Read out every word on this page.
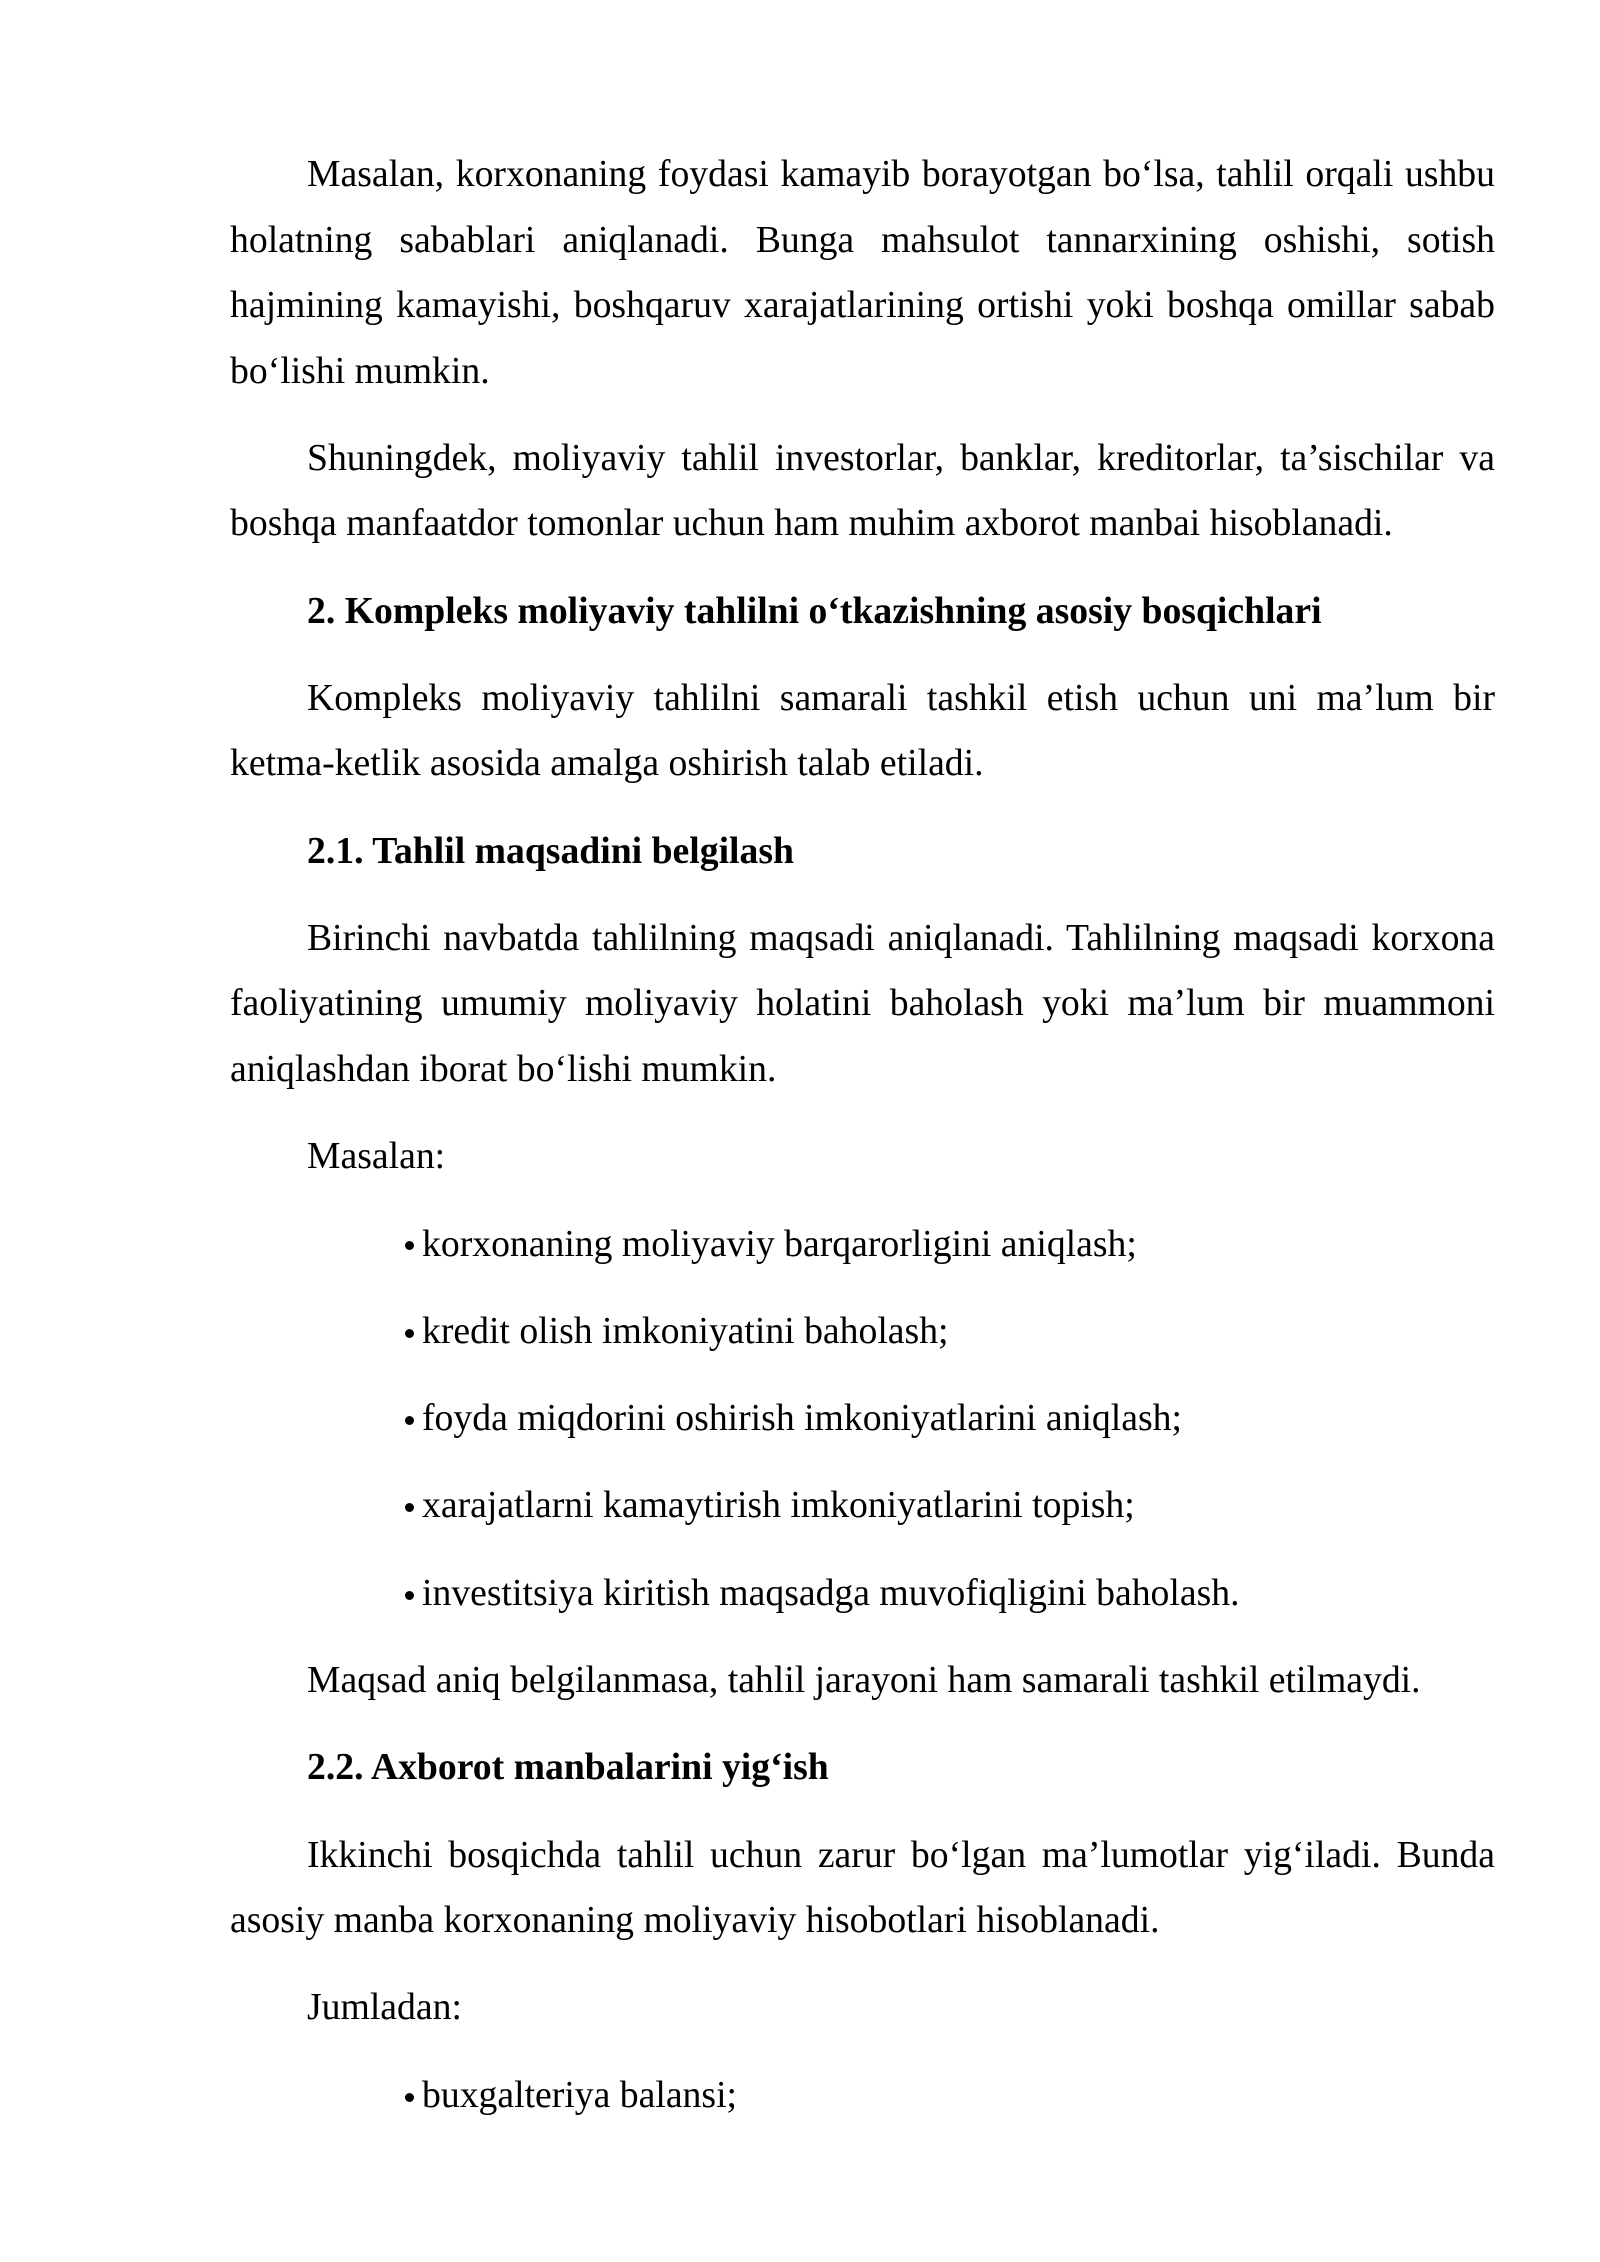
Masalan, korxonaning foydasi kamayib borayotgan bo‘lsa, tahlil orqali ushbu
holatning sabablari aniqlanadi. Bunga mahsulot tannarxining oshishi, sotish
hajmining kamayishi, boshqaruv xarajatlarining ortishi yoki boshqa omillar sabab
bo‘lishi mumkin.
Shuningdek, moliyaviy tahlil investorlar, banklar, kreditorlar, ta’sischilar va
boshqa manfaatdor tomonlar uchun ham muhim axborot manbai hisoblanadi.
2. Kompleks moliyaviy tahlilni o‘tkazishning asosiy bosqichlari
Kompleks moliyaviy tahlilni samarali tashkil etish uchun uni ma’lum bir
ketma-ketlik asosida amalga oshirish talab etiladi.
2.1. Tahlil maqsadini belgilash
Birinchi navbatda tahlilning maqsadi aniqlanadi. Tahlilning maqsadi korxona
faoliyatining umumiy moliyaviy holatini baholash yoki ma’lum bir muammoni
aniqlashdan iborat bo‘lishi mumkin.
Masalan:
korxonaning moliyaviy barqarorligini aniqlash;
kredit olish imkoniyatini baholash;
foyda miqdorini oshirish imkoniyatlarini aniqlash;
xarajatlarni kamaytirish imkoniyatlarini topish;
investitsiya kiritish maqsadga muvofiqligini baholash.
Maqsad aniq belgilanmasa, tahlil jarayoni ham samarali tashkil etilmaydi.
2.2. Axborot manbalarini yig‘ish
Ikkinchi bosqichda tahlil uchun zarur bo‘lgan ma’lumotlar yig‘iladi. Bunda
asosiy manba korxonaning moliyaviy hisobotlari hisoblanadi.
Jumladan:
buxgalteriya balansi;
